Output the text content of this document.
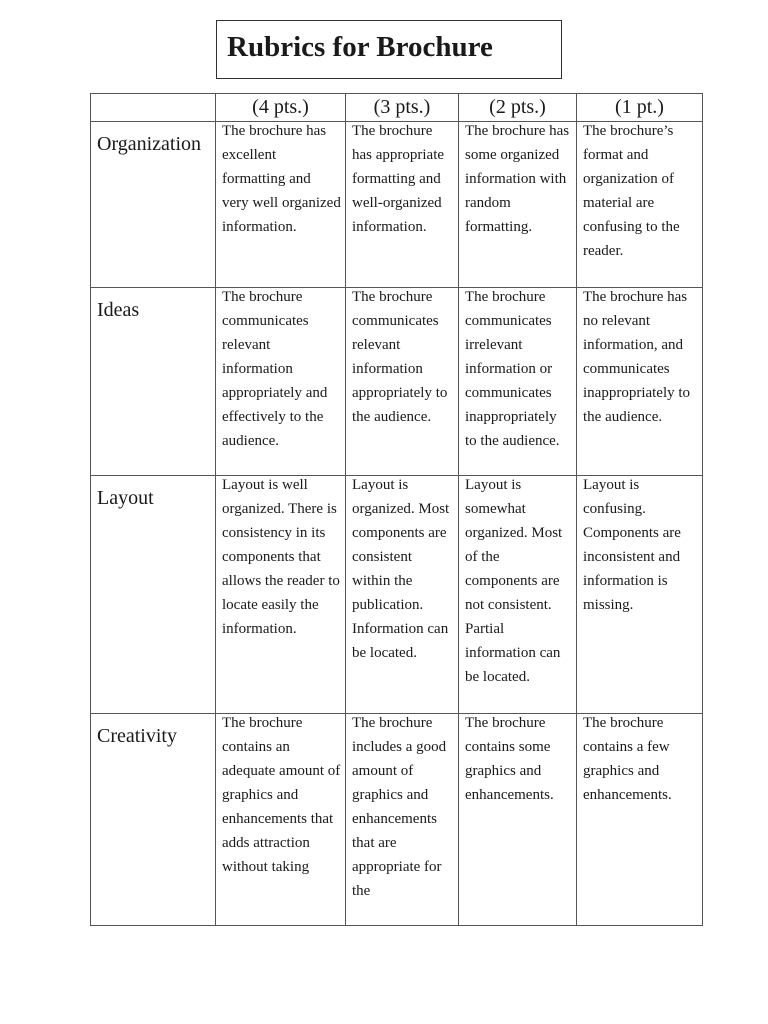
Rubrics for Brochure
	(4 pts.)	(3 pts.)	(2 pts.)	(1 pt.)

Organization	The brochure has excellent formatting and very well organized information.	The brochure has appropriate formatting and well-organized information.	The brochure has some organized information with random formatting.	The brochure’s format and organization of material are confusing to the reader.

Ideas	The brochure communicates relevant information appropriately and effectively to the audience.	The brochure communicates relevant information appropriately to the audience.	The brochure communicates irrelevant information or communicates inappropriately to the audience.	The brochure has no relevant information, and communicates inappropriately to the audience.

Layout	Layout is well organized. There is consistency in its components that allows the reader to locate easily the information.	Layout is organized. Most components are consistent within the publication. Information can be located.	Layout is somewhat organized. Most of the components are not consistent. Partial information can be located.	Layout is confusing. Components are inconsistent and information is missing.

Creativity	The brochure contains an adequate amount of graphics and enhancements that adds attraction without taking	The brochure includes a good amount of graphics and enhancements that are appropriate for the	The brochure contains some graphics and enhancements.	The brochure contains a few graphics and enhancements.
